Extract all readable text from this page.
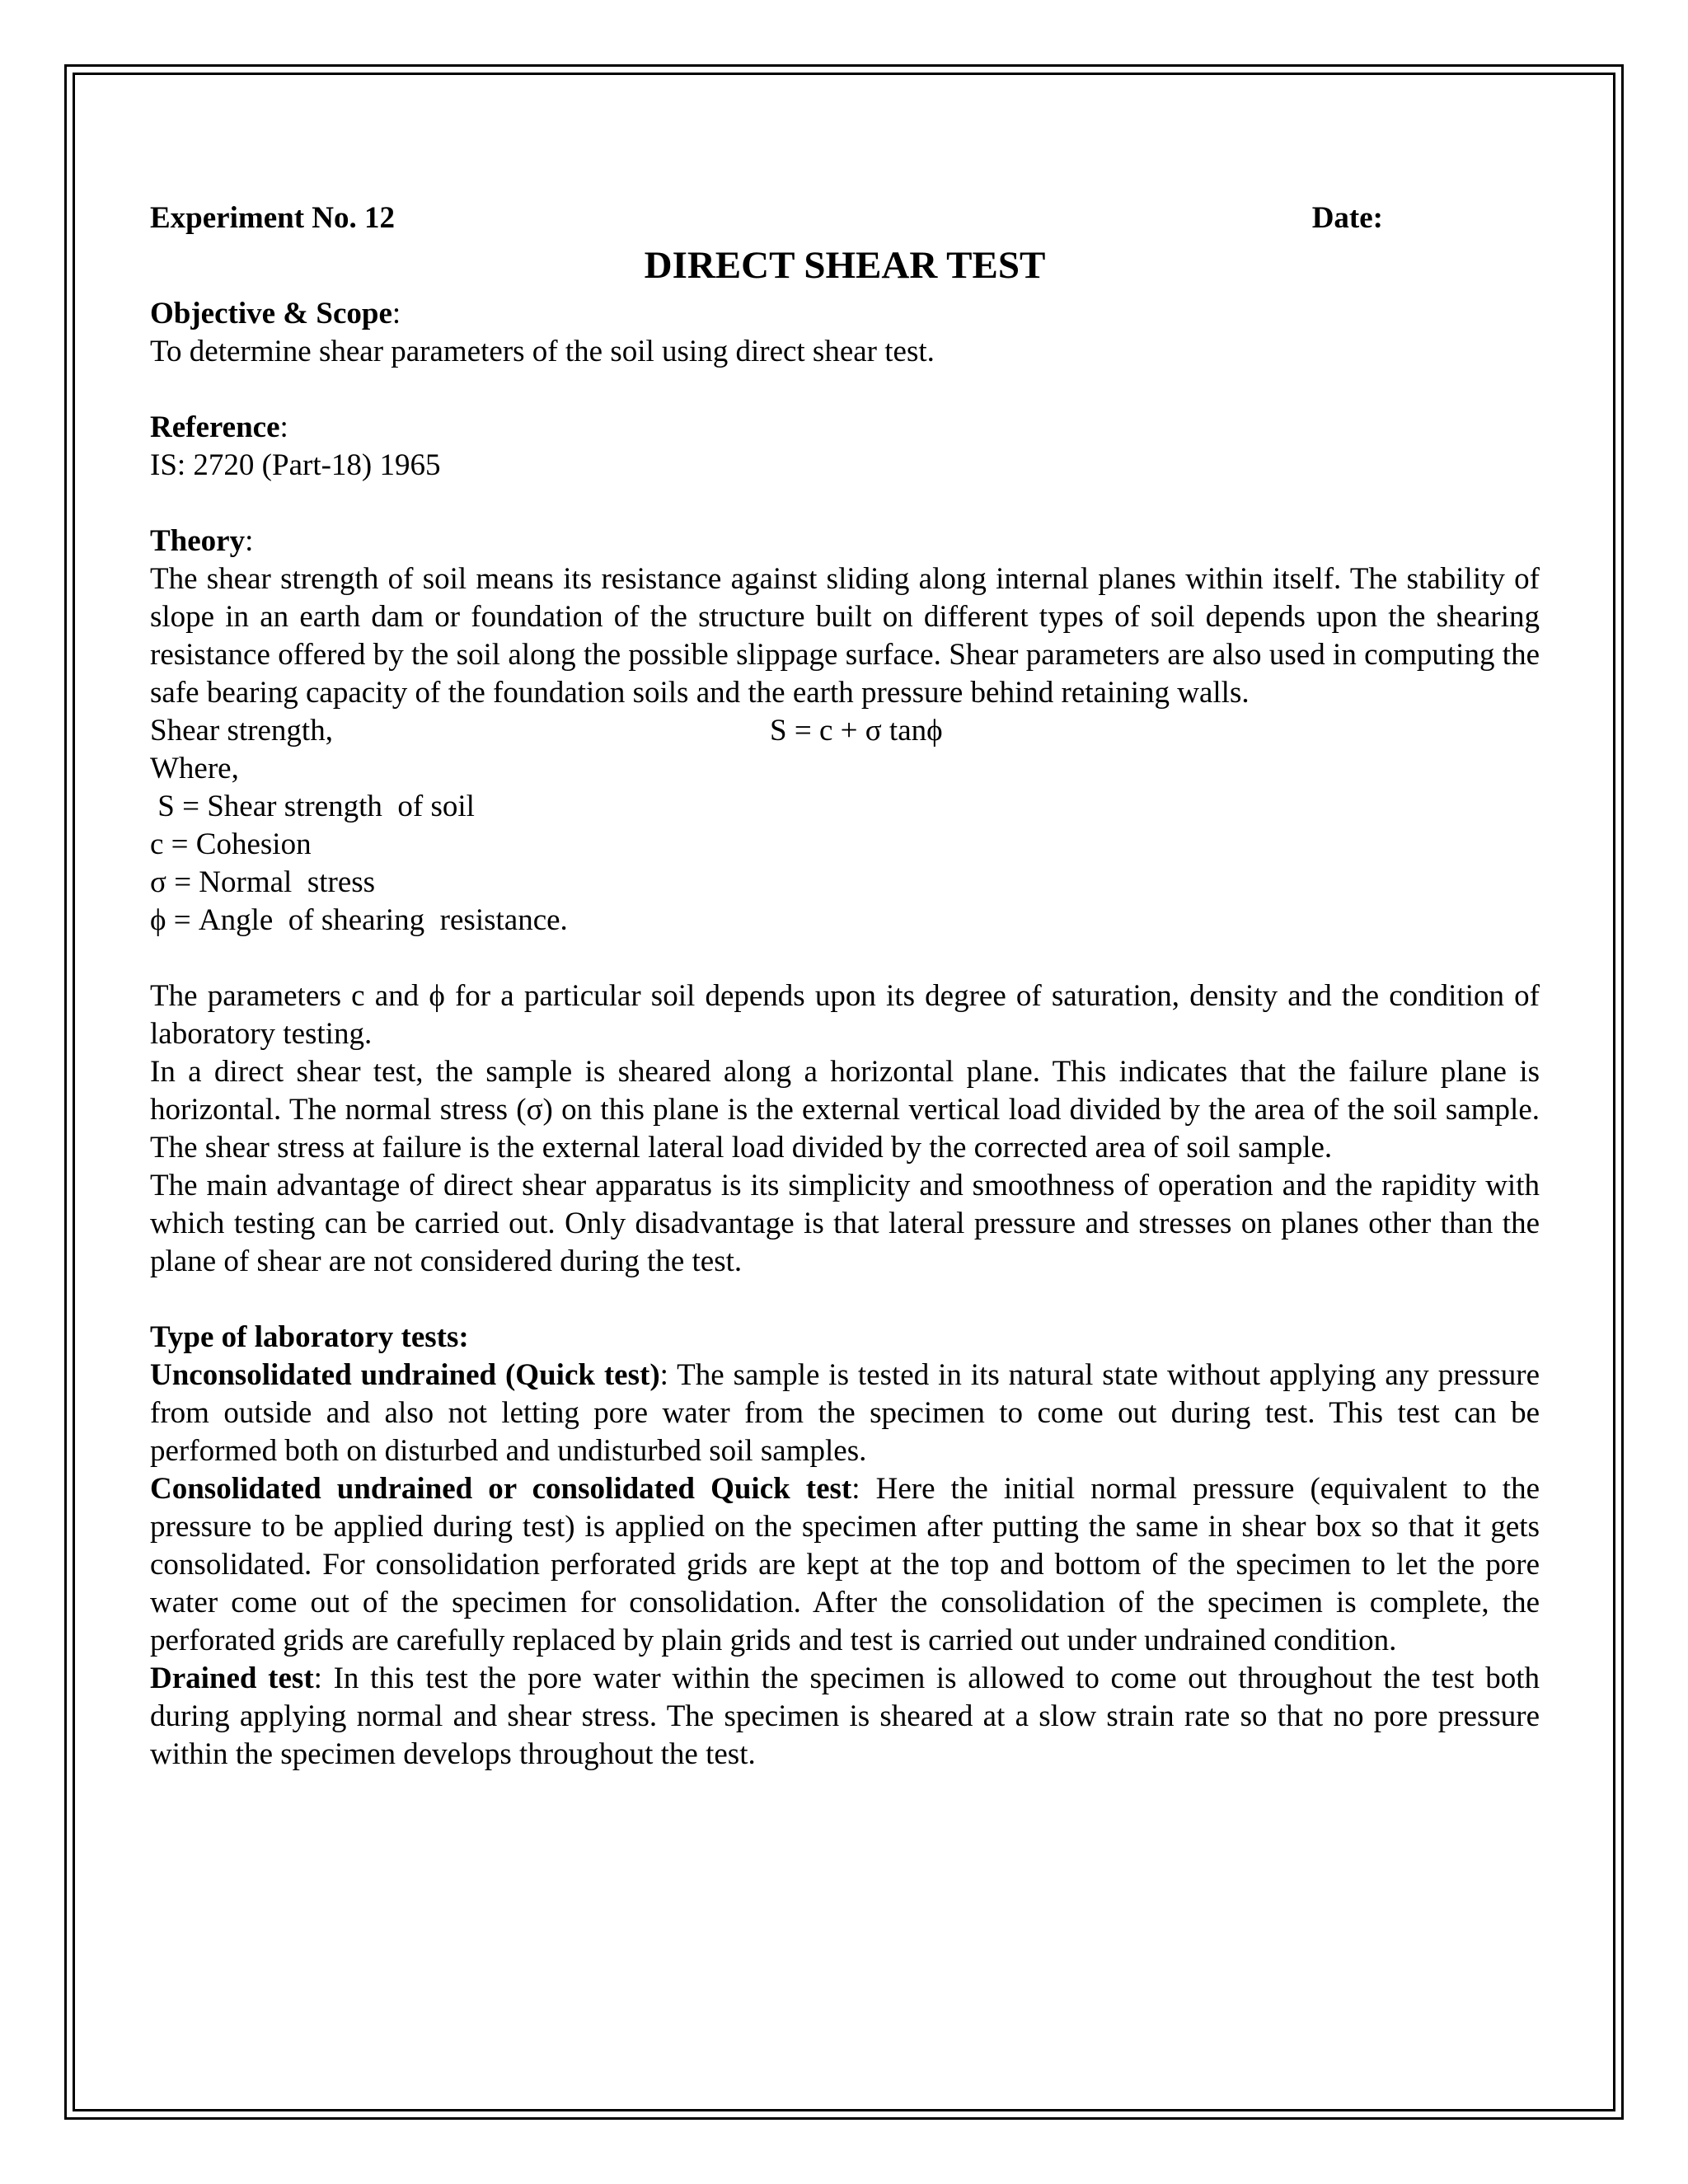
Experiment No. 12	Date:
DIRECT SHEAR TEST

Objective & Scope:

To determine shear parameters of the soil using direct shear test.

Reference:

IS: 2720 (Part-18) 1965

Theory:

The shear strength of soil means its resistance against sliding along internal planes within itself. The stability of slope in an earth dam or foundation of the structure built on different types of soil depends upon the shearing resistance offered by the soil along the possible slippage surface. Shear parameters are also used in computing the safe bearing capacity of the foundation soils and the earth pressure behind retaining walls.

Shear strength,	S = c + σ tanϕ

Where,

S = Shear strength  of soil

c = Cohesion

σ = Normal  stress

ϕ = Angle  of shearing  resistance.

The parameters c and ϕ for a particular soil depends upon its degree of saturation, density and the condition of laboratory testing.

In a direct shear test, the sample is sheared along a horizontal plane. This indicates that the failure plane is horizontal. The normal stress (σ) on this plane is the external vertical load divided by the area of the soil sample. The shear stress at failure is the external lateral load divided by the corrected area of soil sample.

The main advantage of direct shear apparatus is its simplicity and smoothness of operation and the rapidity with which testing can be carried out. Only disadvantage is that lateral pressure and stresses on planes other than the plane of shear are not considered during the test.

Type of laboratory tests:

Unconsolidated undrained (Quick test): The sample is tested in its natural state without applying any pressure from outside and also not letting pore water from the specimen to come out during test. This test can be performed both on disturbed and undisturbed soil samples.

Consolidated undrained or consolidated Quick test: Here the initial normal pressure (equivalent to the pressure to be applied during test) is applied on the specimen after putting the same in shear box so that it gets consolidated. For consolidation perforated grids are kept at the top and bottom of the specimen to let the pore water come out of the specimen for consolidation. After the consolidation of the specimen is complete, the perforated grids are carefully replaced by plain grids and test is carried out under undrained condition.

Drained test: In this test the pore water within the specimen is allowed to come out throughout the test both during applying normal and shear stress. The specimen is sheared at a slow strain rate so that no pore pressure within the specimen develops throughout the test.
